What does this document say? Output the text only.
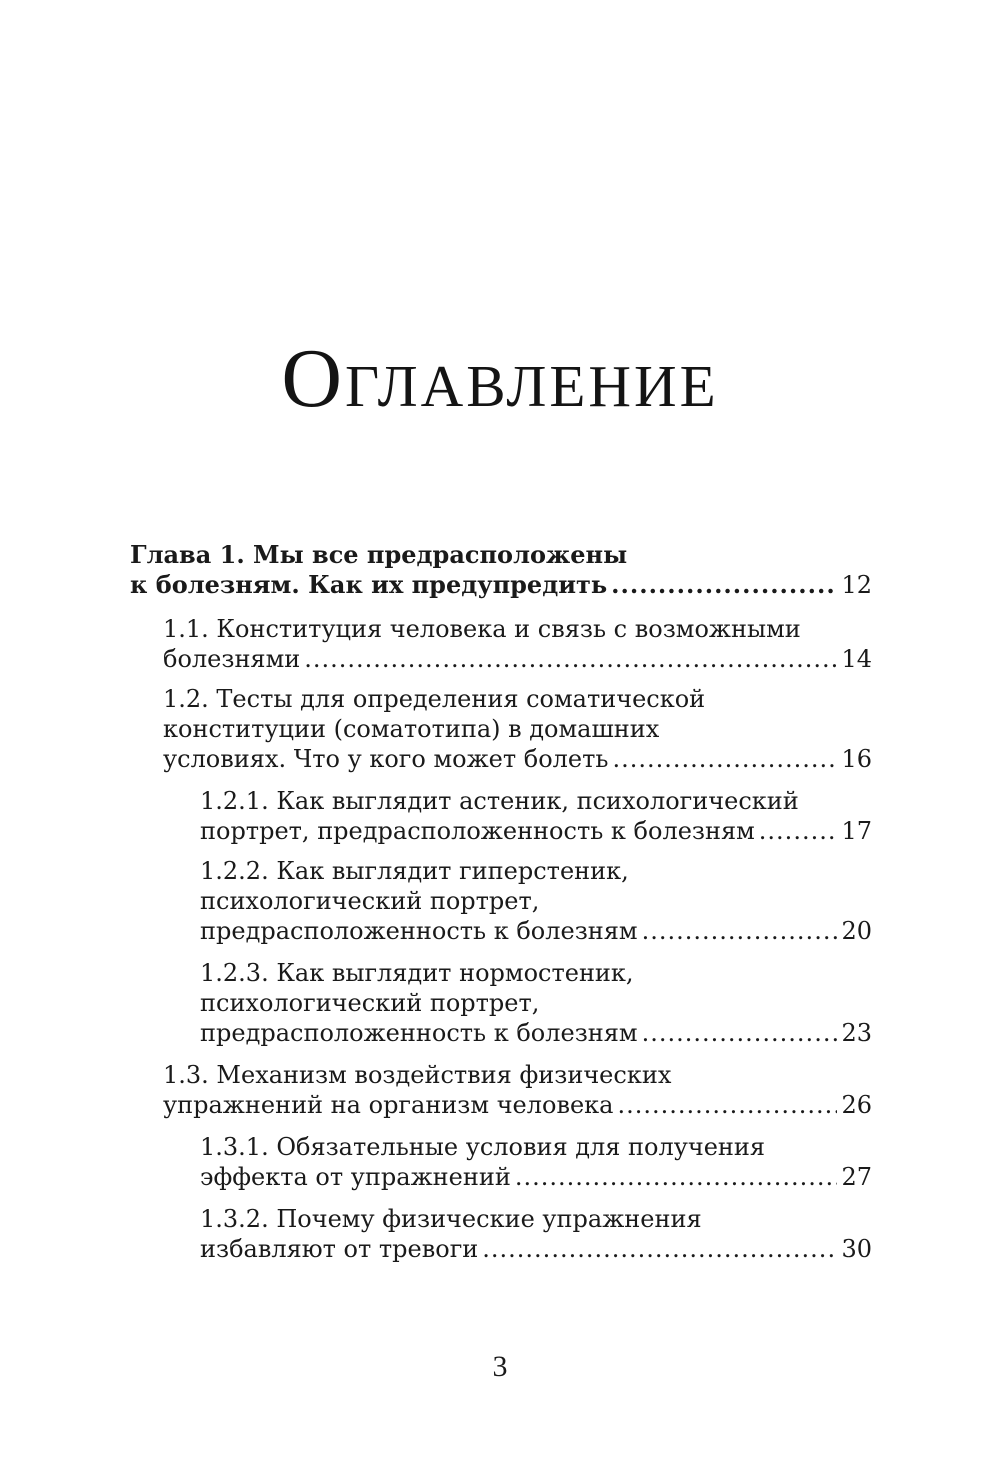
Оглавление
Глава 1. Мы все предрасположены
к болезням. Как их предупредить .....	12
1.1. Конституция человека и связь с возможными
болезнями .....	14
1.2. Тесты для определения соматической
конституции (соматотипа) в домашних
условиях. Что у кого может болеть .....	16
1.2.1. Как выглядит астеник, психологический
портрет, предрасположенность к болезням .....	17
1.2.2. Как выглядит гиперстеник,
психологический портрет,
предрасположенность к болезням .....	20
1.2.3. Как выглядит нормостеник,
психологический портрет,
предрасположенность к болезням .....	23
1.3. Механизм воздействия физических
упражнений на организм человека .....	26
1.3.1. Обязательные условия для получения
эффекта от упражнений .....	27
1.3.2. Почему физические упражнения
избавляют от тревоги .....	30
3
